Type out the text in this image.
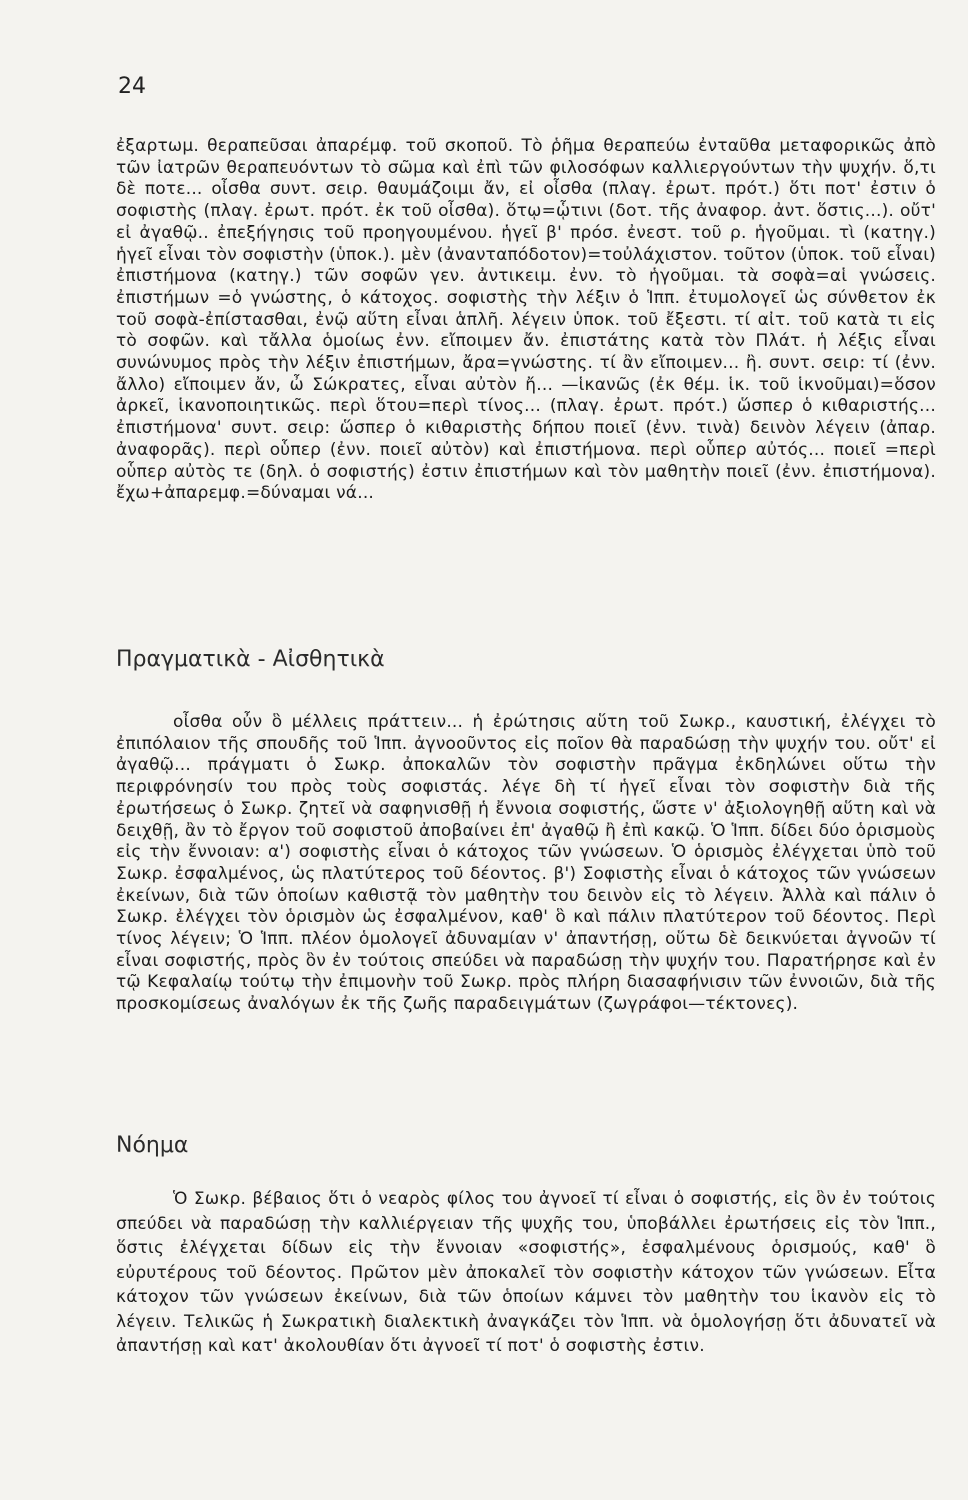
24

ἐξαρτωμ. θεραπεῦσαι ἀπαρέμφ. τοῦ σκοποῦ. Τὸ ῥῆμα θεραπεύω ἐνταῦθα μεταφορικῶς ἀπὸ τῶν ἰατρῶν θεραπευόντων τὸ σῶμα καὶ ἐπὶ τῶν φιλοσόφων καλλιεργούντων τὴν ψυχήν. ὅ,τι δὲ ποτε... οἶσθα συντ. σειρ. θαυμάζοιμι ἄν, εἰ οἶσθα (πλαγ. ἐρωτ. πρότ.) ὅτι ποτ' ἐστιν ὁ σοφιστὴς (πλαγ. ἐρωτ. πρότ. ἐκ τοῦ οἶσθα). ὅτῳ=ᾧτινι (δοτ. τῆς ἀναφορ. ἀντ. ὅστις...). οὔτ' εἰ ἀγαθῷ.. ἐπεξήγησις τοῦ προηγουμένου. ἡγεῖ β' πρόσ. ἐνεστ. τοῦ ρ. ἡγοῦμαι. τὶ (κατηγ.) ἡγεῖ εἶναι τὸν σοφιστὴν (ὑποκ.). μὲν (ἀνανταπόδοτον)=τοὐλάχιστον. τοῦτον (ὑποκ. τοῦ εἶναι) ἐπιστήμονα (κατηγ.) τῶν σοφῶν γεν. ἀντικειμ. ἐνν. τὸ ἡγοῦμαι. τὰ σοφὰ=αἱ γνώσεις. ἐπιστήμων =ὁ γνώστης, ὁ κάτοχος. σοφιστὴς τὴν λέξιν ὁ Ἱππ. ἐτυμολογεῖ ὡς σύνθετον ἐκ τοῦ σοφὰ-ἐπίστασθαι, ἐνῷ αὕτη εἶναι ἁπλῆ. λέγειν ὑποκ. τοῦ ἔξεστι. τί αἰτ. τοῦ κατὰ τι εἰς τὸ σοφῶν. καὶ τἄλλα ὁμοίως ἐνν. εἴποιμεν ἄν. ἐπιστάτης κατὰ τὸν Πλάτ. ἡ λέξις εἶναι συνώνυμος πρὸς τὴν λέξιν ἐπιστήμων, ἄρα=γνώστης. τί ἂν εἴποιμεν... ἢ. συντ. σειρ: τί (ἐνν. ἄλλο) εἴποιμεν ἄν, ὦ Σώκρατες, εἶναι αὐτὸν ἤ... —ἱκανῶς (ἐκ θέμ. ἱκ. τοῦ ἱκνοῦμαι)=ὅσον ἀρκεῖ, ἱκανοποιητικῶς. περὶ ὅτου=περὶ τίνος... (πλαγ. ἐρωτ. πρότ.) ὥσπερ ὁ κιθαριστής... ἐπιστήμονα' συντ. σειρ: ὥσπερ ὁ κιθαριστὴς δήπου ποιεῖ (ἐνν. τινὰ) δεινὸν λέγειν (ἀπαρ. ἀναφορᾶς). περὶ οὗπερ (ἐνν. ποιεῖ αὐτὸν) καὶ ἐπιστήμονα. περὶ οὗπερ αὐτός... ποιεῖ =περὶ οὗπερ αὐτὸς τε (δηλ. ὁ σοφιστής) ἐστιν ἐπιστήμων καὶ τὸν μαθητὴν ποιεῖ (ἐνν. ἐπιστήμονα). ἔχω+ἀπαρεμφ.=δύναμαι νά...

Πραγματικὰ - Αἰσθητικὰ

οἶσθα οὖν ὃ μέλλεις πράττειν... ἡ ἐρώτησις αὕτη τοῦ Σωκρ., καυστική, ἐλέγχει τὸ ἐπιπόλαιον τῆς σπουδῆς τοῦ Ἱππ. ἀγνοοῦντος εἰς ποῖον θὰ παραδώσῃ τὴν ψυχήν του. οὔτ' εἰ ἀγαθῷ... πράγματι ὁ Σωκρ. ἀποκαλῶν τὸν σοφιστὴν πρᾶγμα ἐκδηλώνει οὕτω τὴν περιφρόνησίν του πρὸς τοὺς σοφιστάς. λέγε δὴ τί ἡγεῖ εἶναι τὸν σοφιστὴν διὰ τῆς ἐρωτήσεως ὁ Σωκρ. ζητεῖ νὰ σαφηνισθῇ ἡ ἔννοια σοφιστής, ὥστε ν' ἀξιολογηθῇ αὕτη καὶ νὰ δειχθῇ, ἂν τὸ ἔργον τοῦ σοφιστοῦ ἀποβαίνει ἐπ' ἀγαθῷ ἢ ἐπὶ κακῷ. Ὁ Ἱππ. δίδει δύο ὁρισμοὺς εἰς τὴν ἔννοιαν: α') σοφιστὴς εἶναι ὁ κάτοχος τῶν γνώσεων. Ὁ ὁρισμὸς ἐλέγχεται ὑπὸ τοῦ Σωκρ. ἐσφαλμένος, ὡς πλατύτερος τοῦ δέοντος. β') Σοφιστὴς εἶναι ὁ κάτοχος τῶν γνώσεων ἐκείνων, διὰ τῶν ὁποίων καθιστᾷ τὸν μαθητὴν του δεινὸν εἰς τὸ λέγειν. Ἀλλὰ καὶ πάλιν ὁ Σωκρ. ἐλέγχει τὸν ὁρισμὸν ὡς ἐσφαλμένον, καθ' ὃ καὶ πάλιν πλατύτερον τοῦ δέοντος. Περὶ τίνος λέγειν; Ὁ Ἱππ. πλέον ὁμολογεῖ ἀδυναμίαν ν' ἀπαντήσῃ, οὕτω δὲ δεικνύεται ἀγνοῶν τί εἶναι σοφιστής, πρὸς ὃν ἐν τούτοις σπεύδει νὰ παραδώσῃ τὴν ψυχήν του. Παρατήρησε καὶ ἐν τῷ Κεφαλαίῳ τούτῳ τὴν ἐπιμονὴν τοῦ Σωκρ. πρὸς πλήρη διασαφήνισιν τῶν ἐννοιῶν, διὰ τῆς προσκομίσεως ἀναλόγων ἐκ τῆς ζωῆς παραδειγμάτων (ζωγράφοι—τέκτονες).

Νόημα

Ὁ Σωκρ. βέβαιος ὅτι ὁ νεαρὸς φίλος του ἀγνοεῖ τί εἶναι ὁ σοφιστής, εἰς ὃν ἐν τούτοις σπεύδει νὰ παραδώσῃ τὴν καλλιέργειαν τῆς ψυχῆς του, ὑποβάλλει ἐρωτήσεις εἰς τὸν Ἱππ., ὅστις ἐλέγχεται δίδων εἰς τὴν ἔννοιαν «σοφιστής», ἐσφαλμένους ὁρισμούς, καθ' ὃ εὐρυτέρους τοῦ δέοντος. Πρῶτον μὲν ἀποκαλεῖ τὸν σοφιστὴν κάτοχον τῶν γνώσεων. Εἶτα κάτοχον τῶν γνώσεων ἐκείνων, διὰ τῶν ὁποίων κάμνει τὸν μαθητὴν του ἱκανὸν εἰς τὸ λέγειν. Τελικῶς ἡ Σωκρατικὴ διαλεκτικὴ ἀναγκάζει τὸν Ἱππ. νὰ ὁμολογήσῃ ὅτι ἀδυνατεῖ νὰ ἀπαντήσῃ καὶ κατ' ἀκολουθίαν ὅτι ἀγνοεῖ τί ποτ' ὁ σοφιστὴς ἐστιν.
